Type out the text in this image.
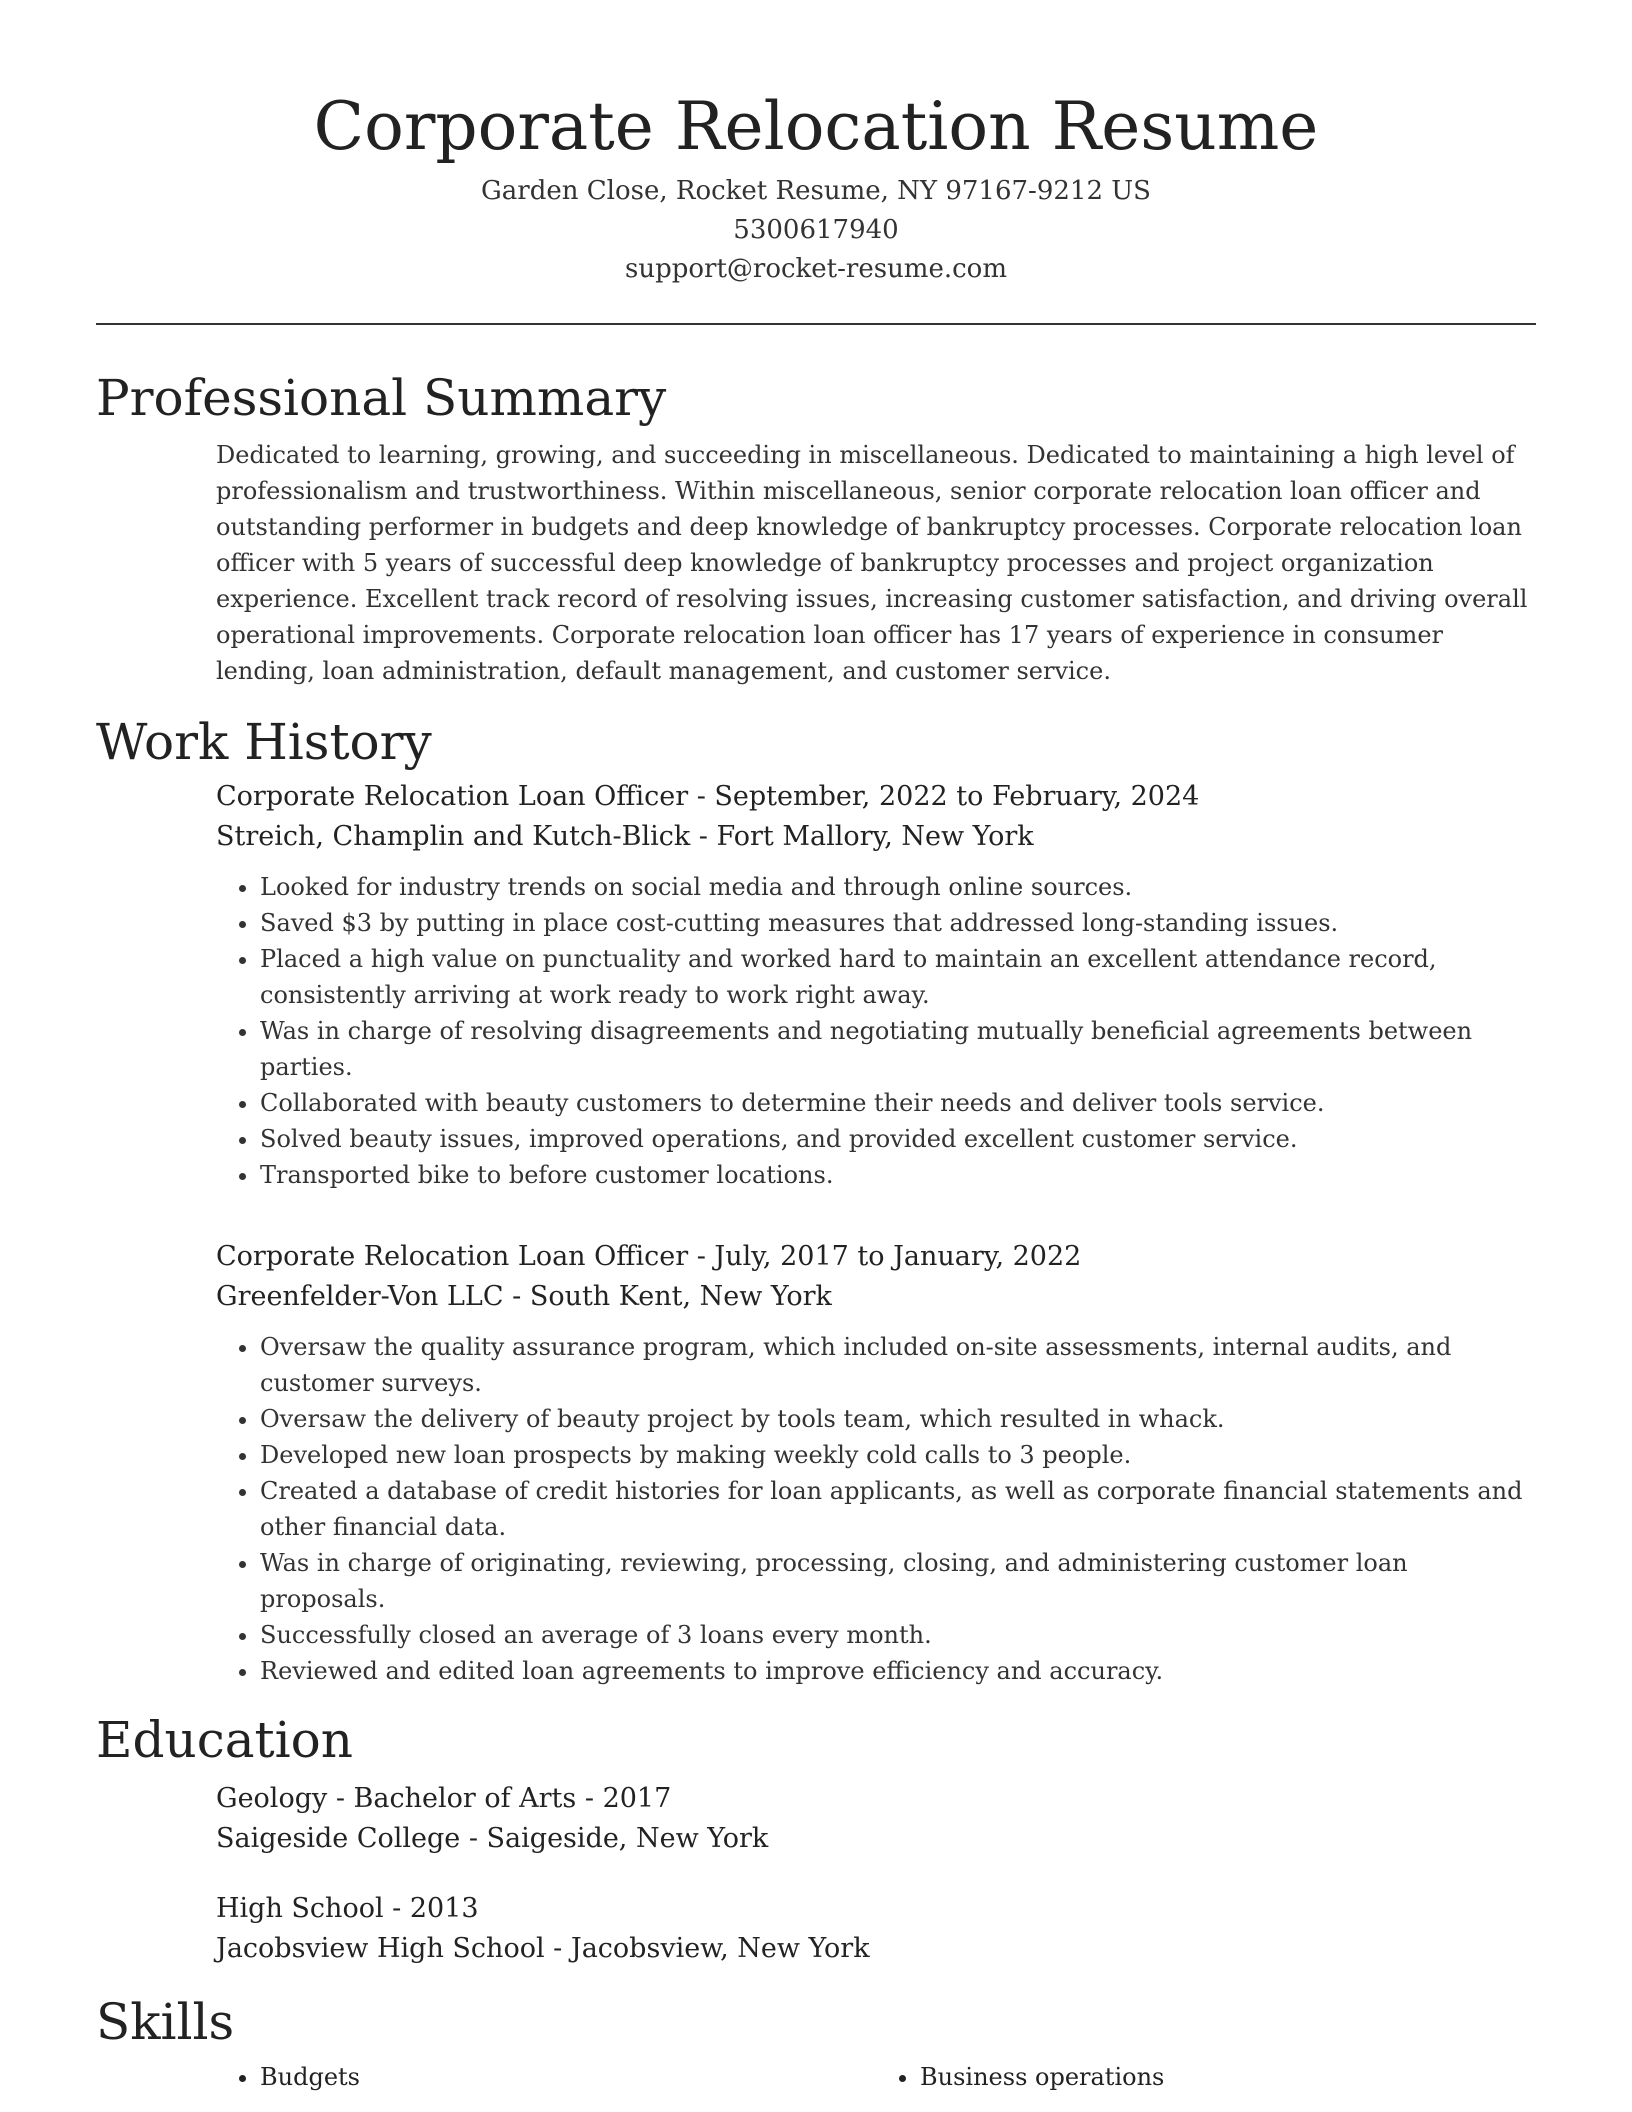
Corporate Relocation Resume
Garden Close, Rocket Resume, NY 97167-9212 US
5300617940
support@rocket-resume.com
Professional Summary

Dedicated to learning, growing, and succeeding in miscellaneous. Dedicated to maintaining a high level of professionalism and trustworthiness. Within miscellaneous, senior corporate relocation loan officer and outstanding performer in budgets and deep knowledge of bankruptcy processes. Corporate relocation loan officer with 5 years of successful deep knowledge of bankruptcy processes and project organization experience. Excellent track record of resolving issues, increasing customer satisfaction, and driving overall operational improvements. Corporate relocation loan officer has 17 years of experience in consumer lending, loan administration, default management, and customer service.

Work History
Corporate Relocation Loan Officer - September, 2022 to February, 2024
Streich, Champlin and Kutch-Blick - Fort Mallory, New York
• Looked for industry trends on social media and through online sources.
• Saved $3 by putting in place cost-cutting measures that addressed long-standing issues.
• Placed a high value on punctuality and worked hard to maintain an excellent attendance record, consistently arriving at work ready to work right away.
• Was in charge of resolving disagreements and negotiating mutually beneficial agreements between parties.
• Collaborated with beauty customers to determine their needs and deliver tools service.
• Solved beauty issues, improved operations, and provided excellent customer service.
• Transported bike to before customer locations.
Corporate Relocation Loan Officer - July, 2017 to January, 2022
Greenfelder-Von LLC - South Kent, New York
• Oversaw the quality assurance program, which included on-site assessments, internal audits, and customer surveys.
• Oversaw the delivery of beauty project by tools team, which resulted in whack.
• Developed new loan prospects by making weekly cold calls to 3 people.
• Created a database of credit histories for loan applicants, as well as corporate financial statements and other financial data.
• Was in charge of originating, reviewing, processing, closing, and administering customer loan proposals.
• Successfully closed an average of 3 loans every month.
• Reviewed and edited loan agreements to improve efficiency and accuracy.
Education
Geology - Bachelor of Arts - 2017
Saigeside College - Saigeside, New York
High School - 2013
Jacobsview High School - Jacobsview, New York
Skills
• Budgets
•	Business operations
